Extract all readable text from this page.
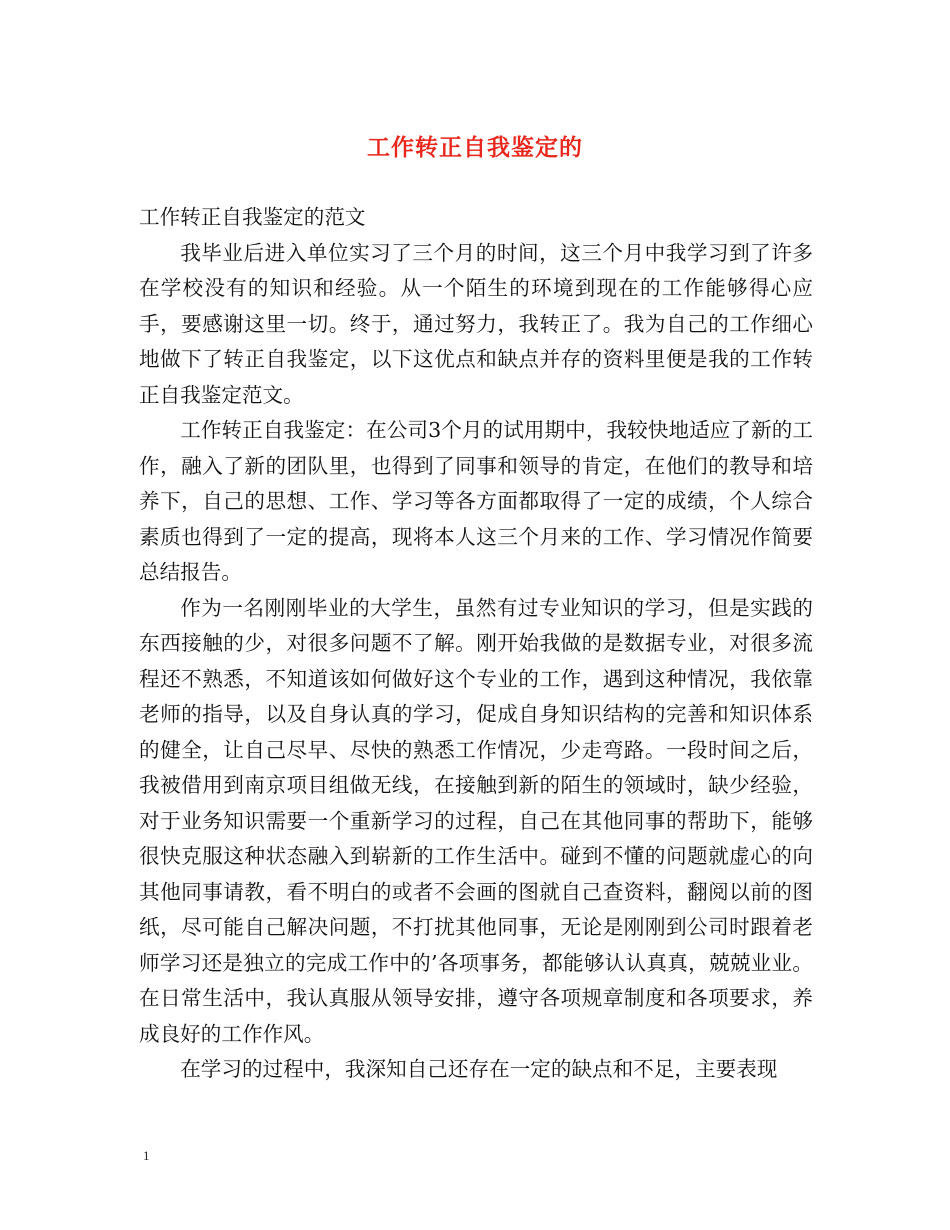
工作转正自我鉴定的

工作转正自我鉴定的范文

我毕业后进入单位实习了三个月的时间，这三个月中我学习到了许多在学校没有的知识和经验。从一个陌生的环境到现在的工作能够得心应手，要感谢这里一切。终于，通过努力，我转正了。我为自己的工作细心地做下了转正自我鉴定，以下这优点和缺点并存的资料里便是我的工作转正自我鉴定范文。

工作转正自我鉴定：在公司3个月的试用期中，我较快地适应了新的工作，融入了新的团队里，也得到了同事和领导的肯定，在他们的教导和培养下，自己的思想、工作、学习等各方面都取得了一定的成绩，个人综合素质也得到了一定的提高，现将本人这三个月来的工作、学习情况作简要总结报告。

作为一名刚刚毕业的大学生，虽然有过专业知识的学习，但是实践的东西接触的少，对很多问题不了解。刚开始我做的是数据专业，对很多流程还不熟悉，不知道该如何做好这个专业的工作，遇到这种情况，我依靠老师的指导，以及自身认真的学习，促成自身知识结构的完善和知识体系的健全，让自己尽早、尽快的熟悉工作情况，少走弯路。一段时间之后，我被借用到南京项目组做无线，在接触到新的陌生的领域时，缺少经验，对于业务知识需要一个重新学习的过程，自己在其他同事的帮助下，能够很快克服这种状态融入到崭新的工作生活中。碰到不懂的问题就虚心的向其他同事请教，看不明白的或者不会画的图就自己查资料，翻阅以前的图纸，尽可能自己解决问题，不打扰其他同事，无论是刚刚到公司时跟着老师学习还是独立的完成工作中的’各项事务，都能够认认真真，兢兢业业。在日常生活中，我认真服从领导安排，遵守各项规章制度和各项要求，养成良好的工作作风。

在学习的过程中，我深知自己还存在一定的缺点和不足，主要表现

1
